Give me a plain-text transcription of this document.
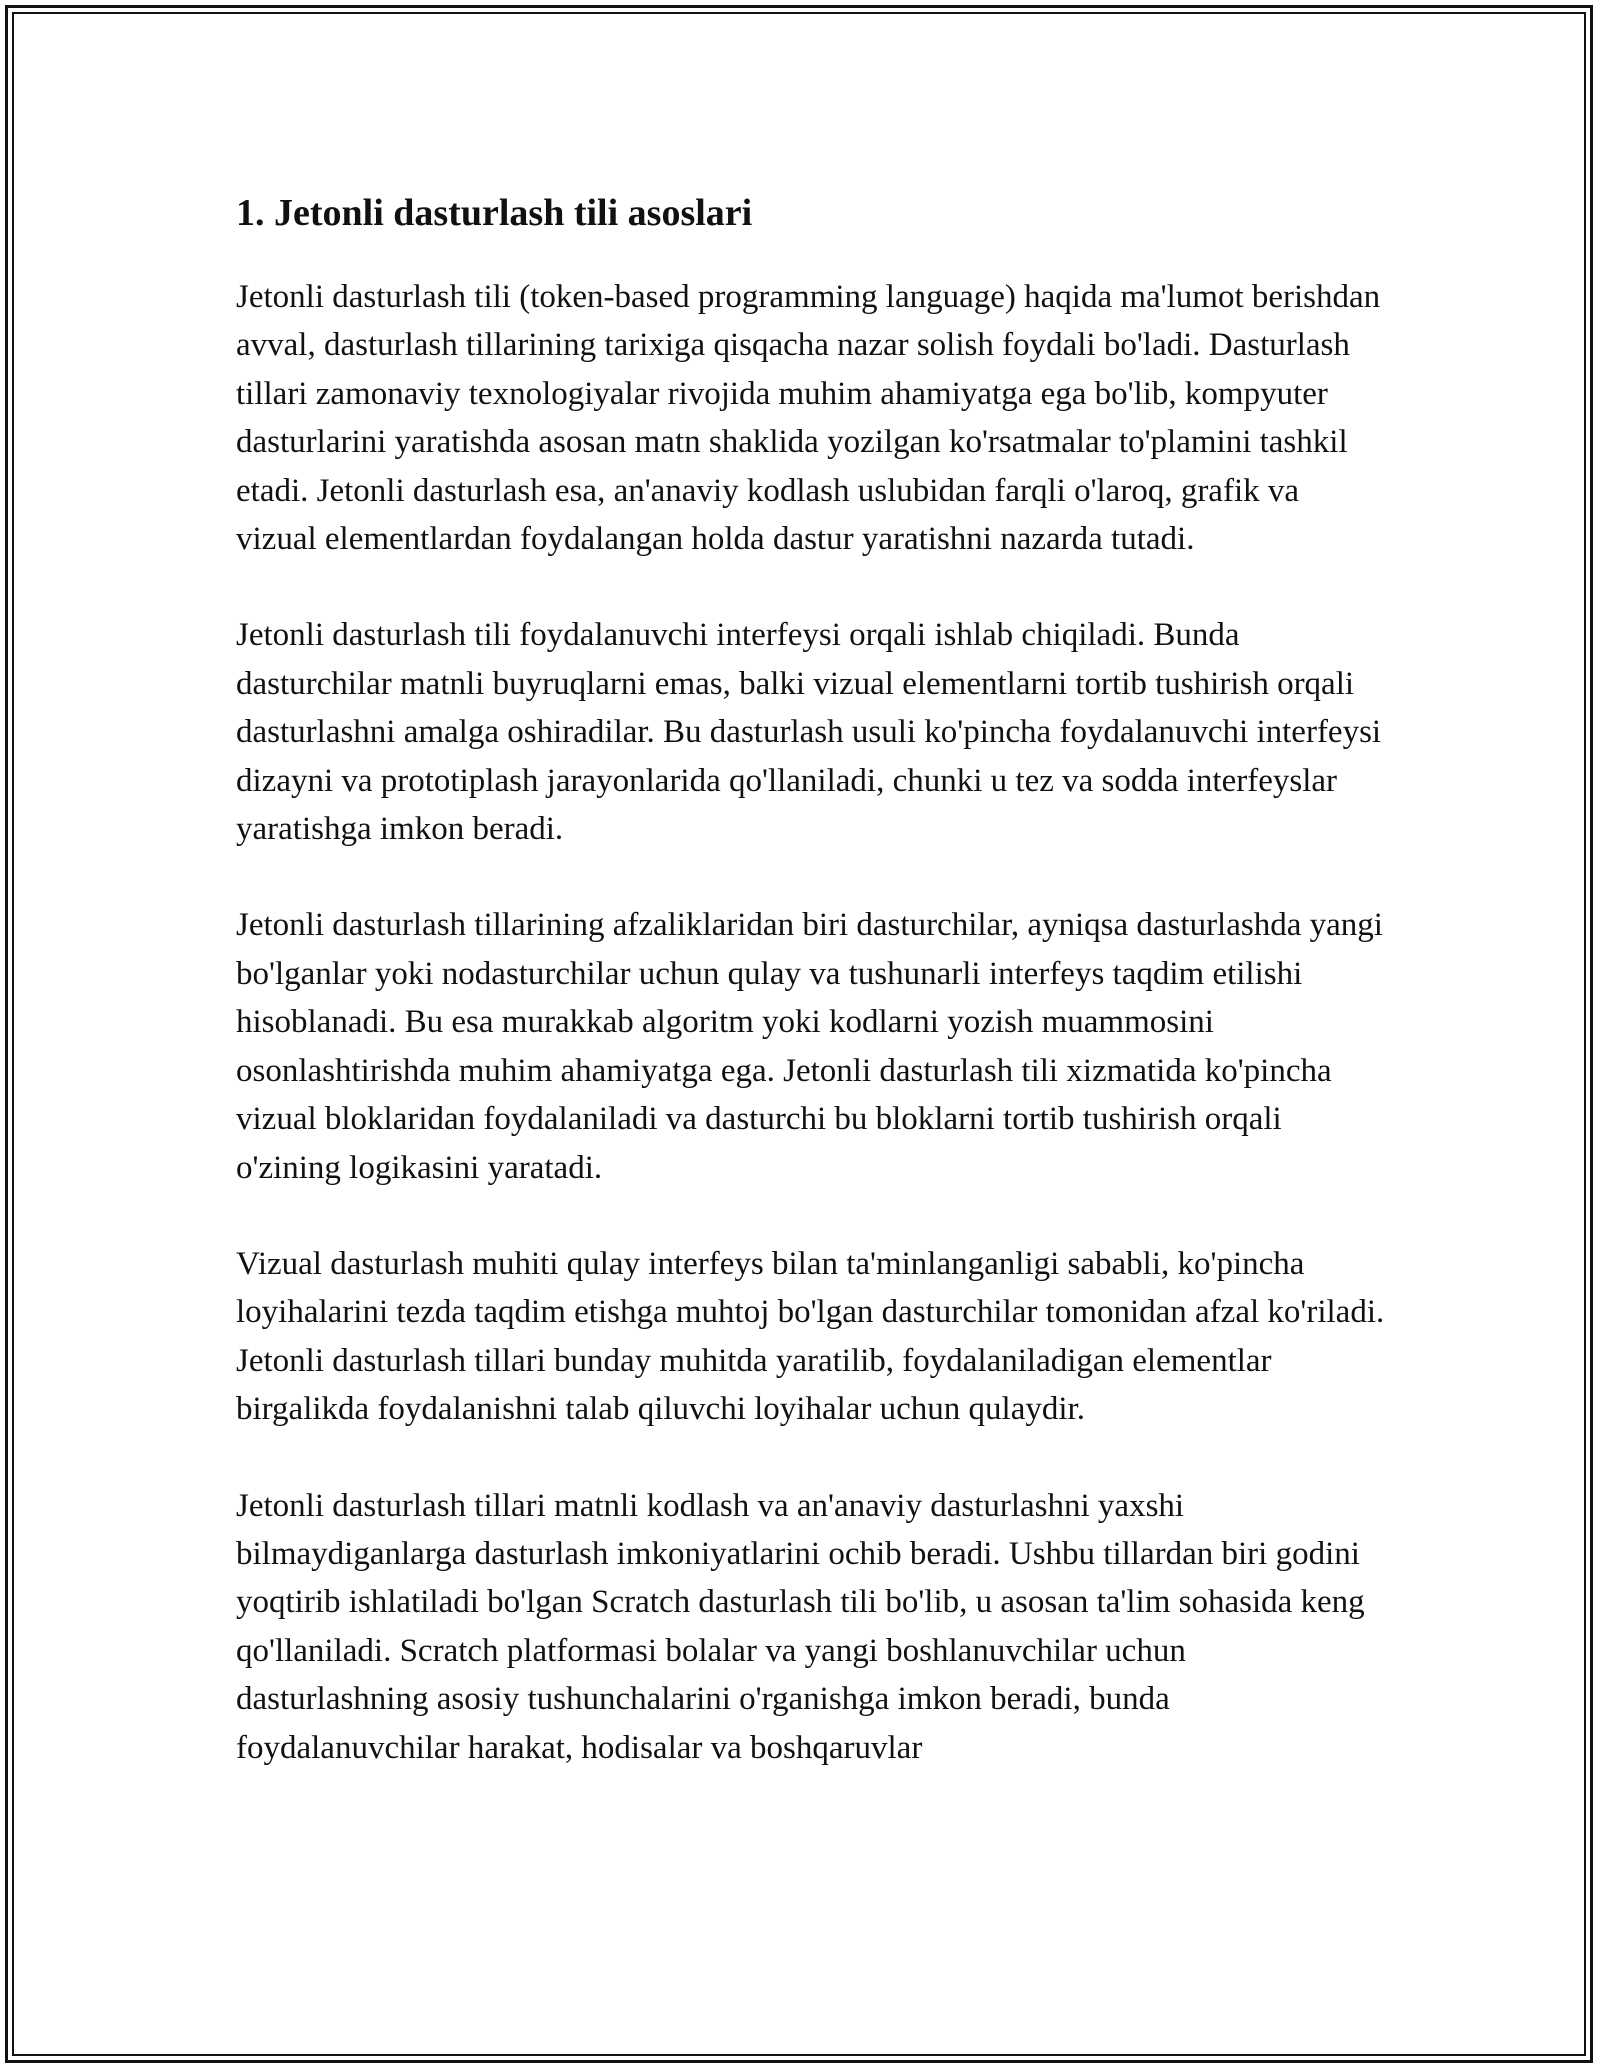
1. Jetonli dasturlash tili asoslari

Jetonli dasturlash tili (token-based programming language) haqida ma'lumot berishdan avval, dasturlash tillarining tarixiga qisqacha nazar solish foydali bo'ladi. Dasturlash tillari zamonaviy texnologiyalar rivojida muhim ahamiyatga ega bo'lib, kompyuter dasturlarini yaratishda asosan matn shaklida yozilgan ko'rsatmalar to'plamini tashkil etadi. Jetonli dasturlash esa, an'anaviy kodlash uslubidan farqli o'laroq, grafik va vizual elementlardan foydalangan holda dastur yaratishni nazarda tutadi.

Jetonli dasturlash tili foydalanuvchi interfeysi orqali ishlab chiqiladi. Bunda dasturchilar matnli buyruqlarni emas, balki vizual elementlarni tortib tushirish orqali dasturlashni amalga oshiradilar. Bu dasturlash usuli ko'pincha foydalanuvchi interfeysi dizayni va prototiplash jarayonlarida qo'llaniladi, chunki u tez va sodda interfeyslar yaratishga imkon beradi.

Jetonli dasturlash tillarining afzaliklaridan biri dasturchilar, ayniqsa dasturlashda yangi bo'lganlar yoki nodasturchilar uchun qulay va tushunarli interfeys taqdim etilishi hisoblanadi. Bu esa murakkab algoritm yoki kodlarni yozish muammosini osonlashtirishda muhim ahamiyatga ega. Jetonli dasturlash tili xizmatida ko'pincha vizual bloklaridan foydalaniladi va dasturchi bu bloklarni tortib tushirish orqali o'zining logikasini yaratadi.

Vizual dasturlash muhiti qulay interfeys bilan ta'minlanganligi sababli, ko'pincha loyihalarini tezda taqdim etishga muhtoj bo'lgan dasturchilar tomonidan afzal ko'riladi. Jetonli dasturlash tillari bunday muhitda yaratilib, foydalaniladigan elementlar birgalikda foydalanishni talab qiluvchi loyihalar uchun qulaydir.

Jetonli dasturlash tillari matnli kodlash va an'anaviy dasturlashni yaxshi bilmaydiganlarga dasturlash imkoniyatlarini ochib beradi. Ushbu tillardan biri godini yoqtirib ishlatiladi bo'lgan Scratch dasturlash tili bo'lib, u asosan ta'lim sohasida keng qo'llaniladi. Scratch platformasi bolalar va yangi boshlanuvchilar uchun dasturlashning asosiy tushunchalarini o'rganishga imkon beradi, bunda foydalanuvchilar harakat, hodisalar va boshqaruvlar
